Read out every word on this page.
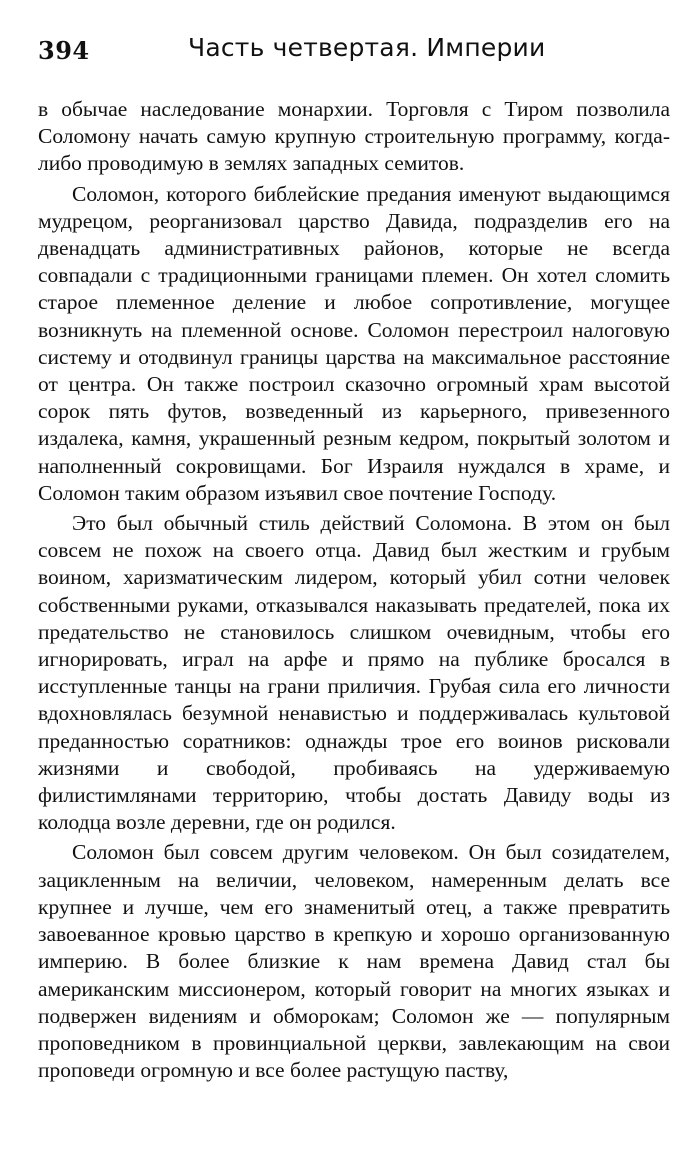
394	Часть четвертая. Империи

в обычае наследование монархии. Торговля с Тиром позволила Соломону начать самую крупную строительную программу, когда-либо проводимую в землях западных семитов.

Соломон, которого библейские предания именуют выдающимся мудрецом, реорганизовал царство Давида, подразделив его на двенадцать административных районов, которые не всегда совпадали с традиционными границами племен. Он хотел сломить старое племенное деление и любое сопротивление, могущее возникнуть на племенной основе. Соломон перестроил налоговую систему и отодвинул границы царства на максимальное расстояние от центра. Он также построил сказочно огромный храм высотой сорок пять футов, возведенный из карьерного, привезенного издалека, камня, украшенный резным кедром, покрытый золотом и наполненный сокровищами. Бог Израиля нуждался в храме, и Соломон таким образом изъявил свое почтение Господу.

Это был обычный стиль действий Соломона. В этом он был совсем не похож на своего отца. Давид был жестким и грубым воином, харизматическим лидером, который убил сотни человек собственными руками, отказывался наказывать предателей, пока их предательство не становилось слишком очевидным, чтобы его игнорировать, играл на арфе и прямо на публике бросался в исступленные танцы на грани приличия. Грубая сила его личности вдохновлялась безумной ненавистью и поддерживалась культовой преданностью соратников: однажды трое его воинов рисковали жизнями и свободой, пробиваясь на удерживаемую филистимлянами территорию, чтобы достать Давиду воды из колодца возле деревни, где он родился.

Соломон был совсем другим человеком. Он был созидателем, зацикленным на величии, человеком, намеренным делать все крупнее и лучше, чем его знаменитый отец, а также превратить завоеванное кровью царство в крепкую и хорошо организованную империю. В более близкие к нам времена Давид стал бы американским миссионером, который говорит на многих языках и подвержен видениям и обморокам; Соломон же — популярным проповедником в провинциальной церкви, завлекающим на свои проповеди огромную и все более растущую паству,
